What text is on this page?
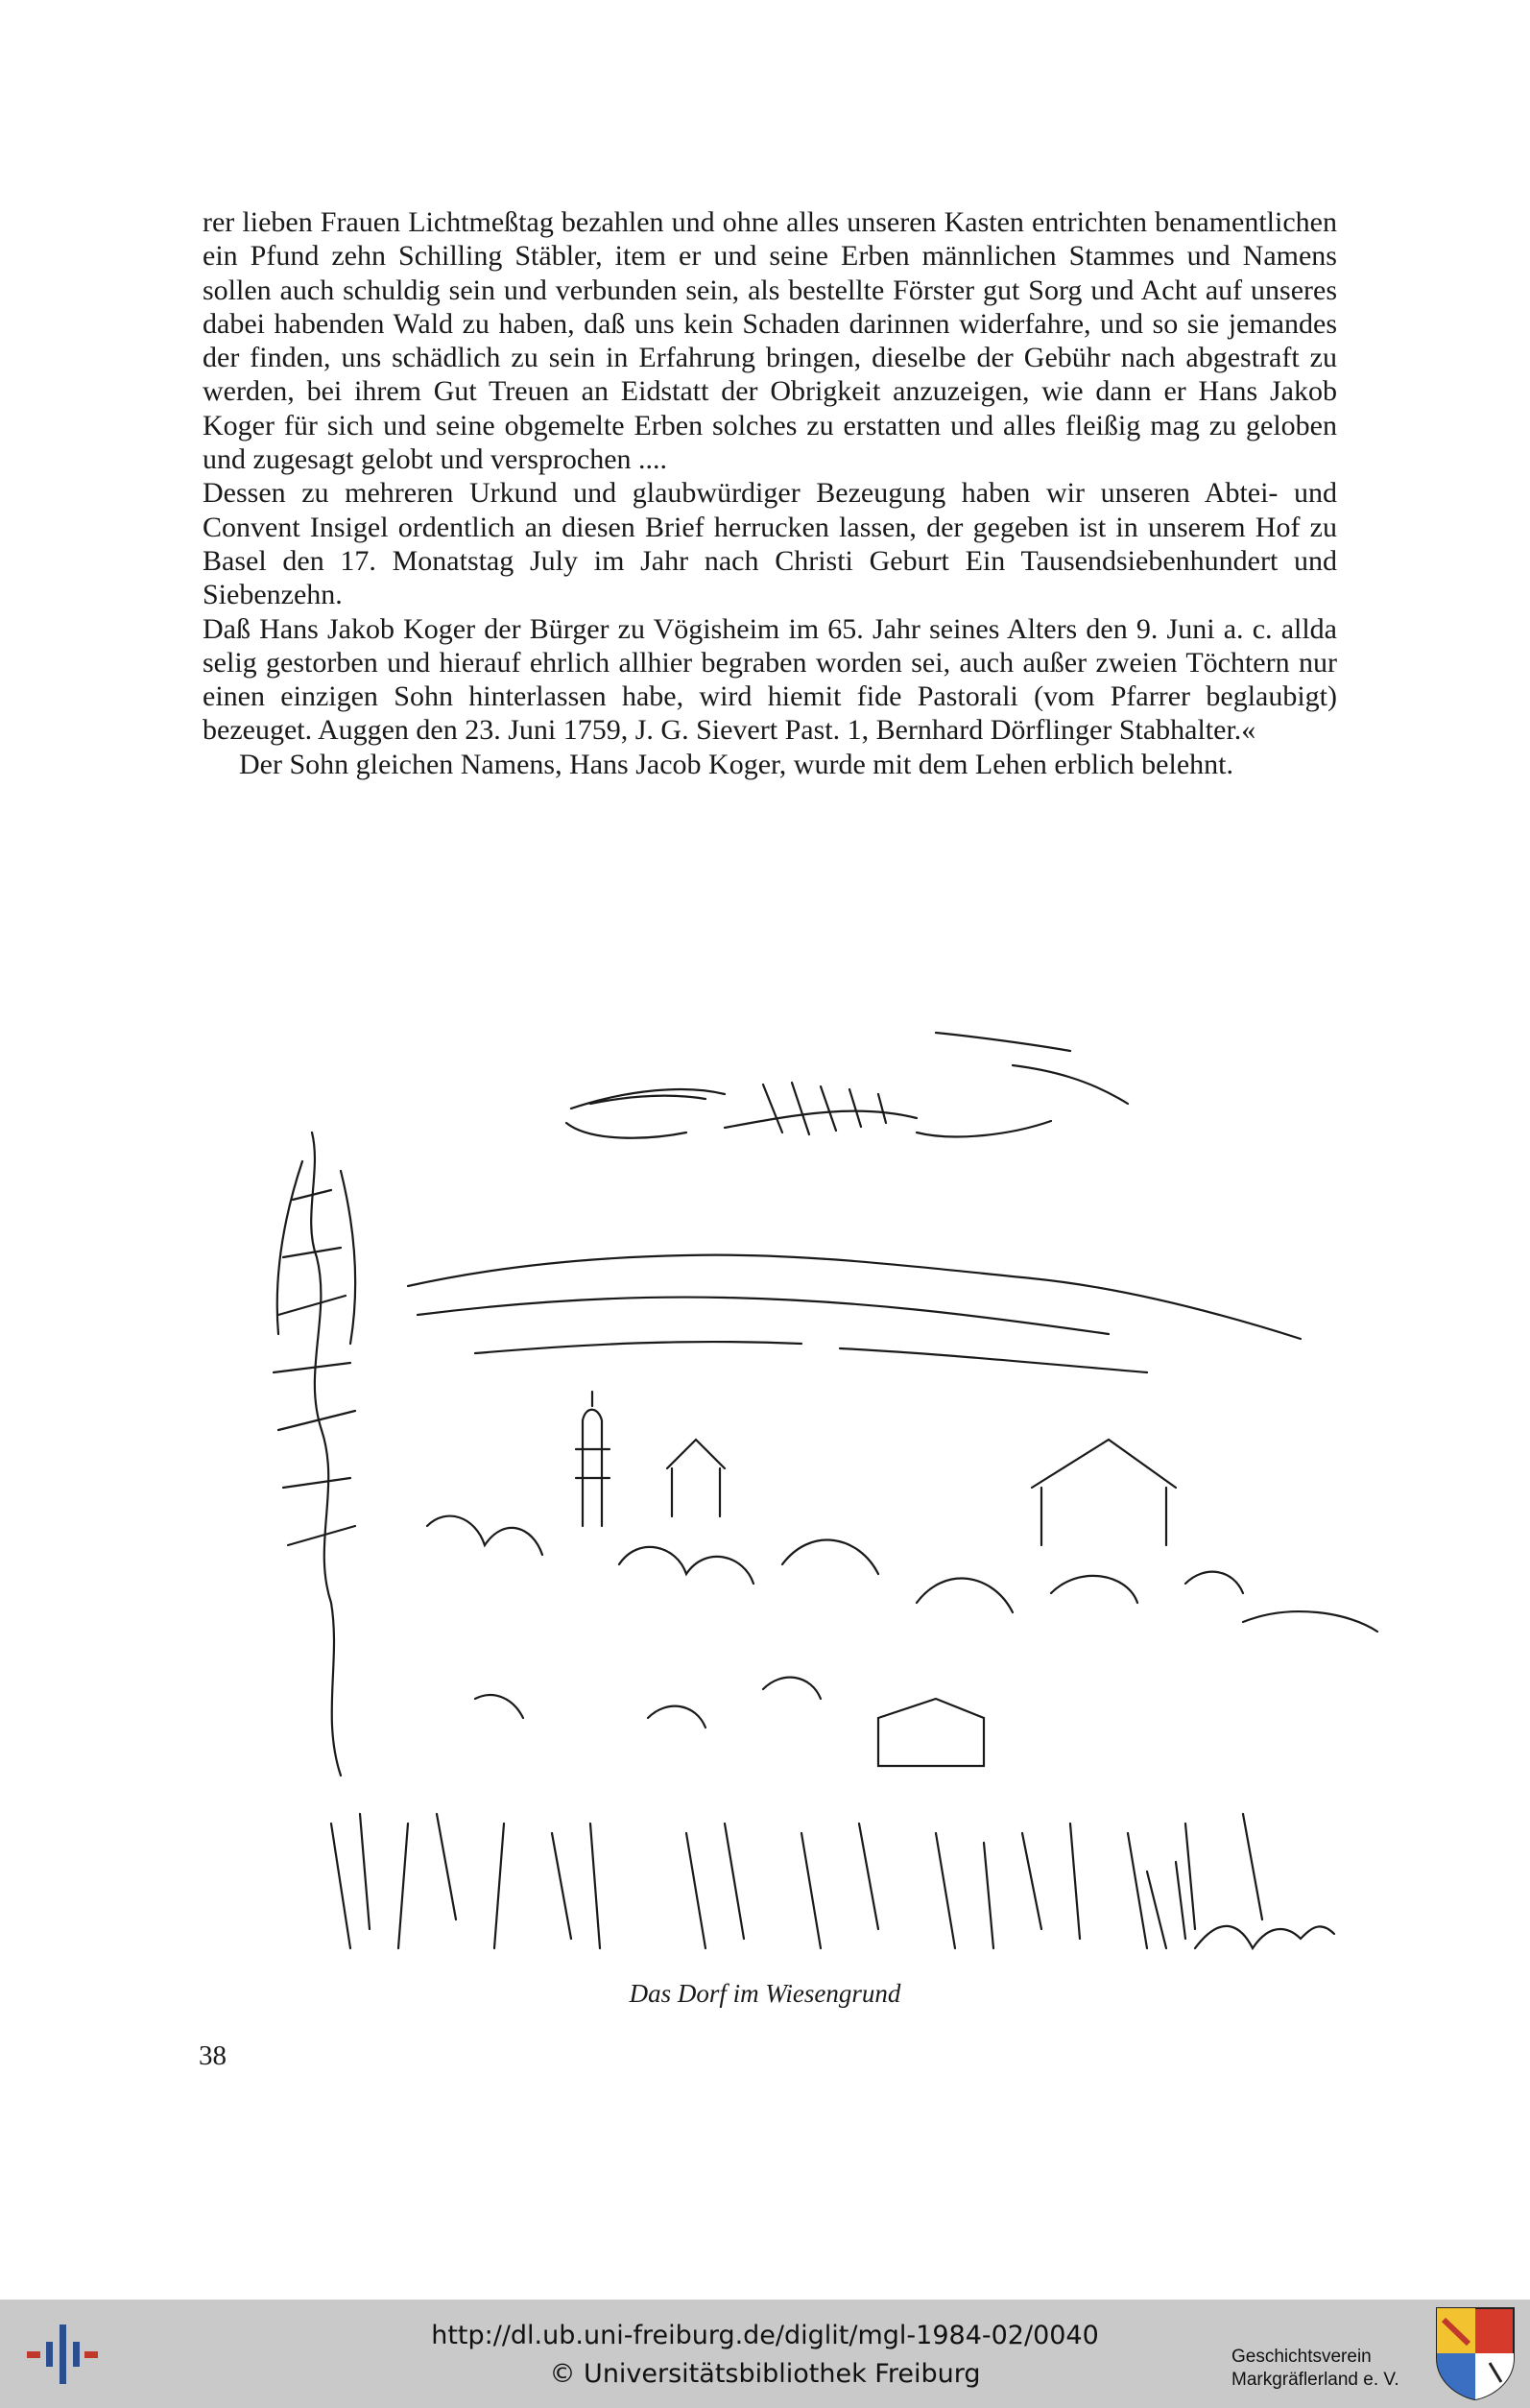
rer lieben Frauen Lichtmeßtag bezahlen und ohne alles unseren Kasten entrichten benamentlichen ein Pfund zehn Schilling Stäbler, item er und seine Erben männlichen Stammes und Namens sollen auch schuldig sein und verbunden sein, als bestellte Förster gut Sorg und Acht auf unseres dabei habenden Wald zu haben, daß uns kein Schaden darinnen widerfahre, und so sie jemandes der finden, uns schädlich zu sein in Erfahrung bringen, dieselbe der Gebühr nach abgestraft zu werden, bei ihrem Gut Treuen an Eidstatt der Obrigkeit anzuzeigen, wie dann er Hans Jakob Koger für sich und seine obgemelte Erben solches zu erstatten und alles fleißig mag zu geloben und zugesagt gelobt und versprochen ....

Dessen zu mehreren Urkund und glaubwürdiger Bezeugung haben wir unseren Abtei- und Convent Insigel ordentlich an diesen Brief herrucken lassen, der gegeben ist in unserem Hof zu Basel den 17. Monatstag July im Jahr nach Christi Geburt Ein Tausendsiebenhundert und Siebenzehn.

Daß Hans Jakob Koger der Bürger zu Vögisheim im 65. Jahr seines Alters den 9. Juni a. c. allda selig gestorben und hierauf ehrlich allhier begraben worden sei, auch außer zweien Töchtern nur einen einzigen Sohn hinterlassen habe, wird hiemit fide Pastorali (vom Pfarrer beglaubigt) bezeuget. Auggen den 23. Juni 1759, J. G. Sievert Past. 1, Bernhard Dörflinger Stabhalter.«

Der Sohn gleichen Namens, Hans Jacob Koger, wurde mit dem Lehen erblich belehnt.

Das Dorf im Wiesengrund
38
http://dl.ub.uni-freiburg.de/diglit/mgl-1984-02/0040
© Universitätsbibliothek Freiburg
Geschichtsverein
Markgräflerland e. V.
